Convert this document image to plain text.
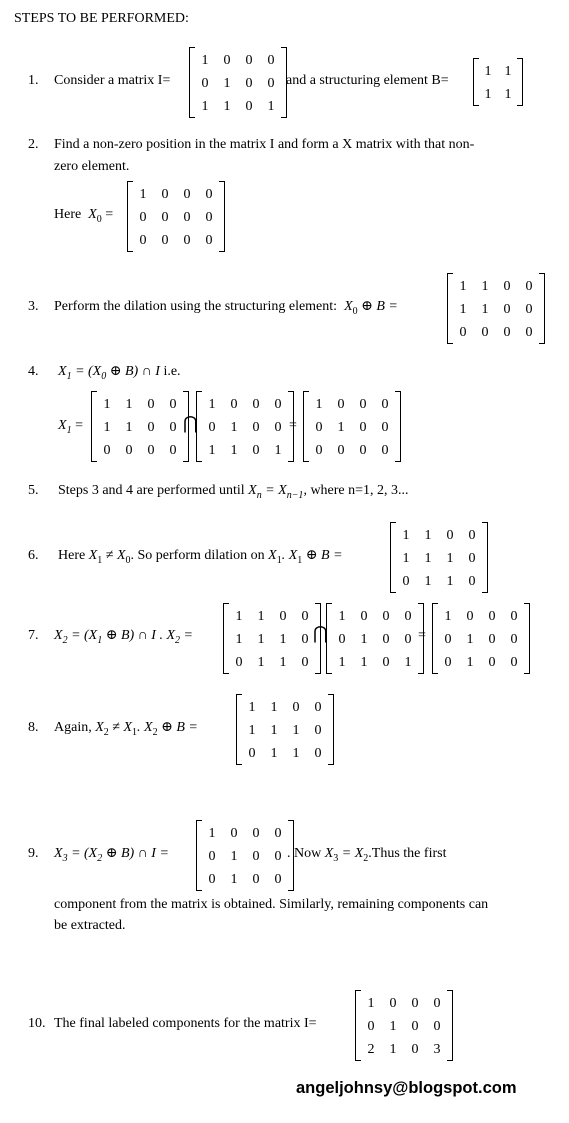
STEPS TO BE PERFORMED:
1. Consider a matrix I=
1	0	0	0
0	1	0	0
1	1	0	1
and a structuring element B=
1	1
1	1
2. Find a non-zero position in the matrix I and form a X matrix with that non-
zero element.
Here $X_0$ =
1	0	0	0
0	0	0	0
0	0	0	0
3. Perform the dilation using the structuring element: $X_0$ ⊕ B =
1	1	0	0
1	1	0	0
0	0	0	0
4. $X_1 = (X_0$ ⊕ B) ∩ I i.e.
$X_1$ =
1	1	0	0
1	1	0	0
0	0	0	0
⋂
1	0	0	0
0	1	0	0
1	1	0	1
=
1	0	0	0
0	1	0	0
0	0	0	0
5. Steps 3 and 4 are performed until $X_n = X_{n-1}$, where n=1, 2, 3...
6. Here $X_1 \ne X_0$. So perform dilation on $X_1$. $X_1$ ⊕ B =
1	1	0	0
1	1	1	0
0	1	1	0
7. $X_2 = (X_1$ ⊕ B) ∩ I . $X_2$ =
1	1	0	0
1	1	1	0
0	1	1	0
⋂
1	0	0	0
0	1	0	0
1	1	0	1
=
1	0	0	0
0	1	0	0
0	1	0	0
8. Again, $X_2 \ne X_1$. $X_2$ ⊕ B =
1	1	0	0
1	1	1	0
0	1	1	0
9. $X_3 = (X_2$ ⊕ B) ∩ I =
1	0	0	0
0	1	0	0
0	1	0	0
. Now $X_3$ = $X_2.Thus$ the first
component from the matrix is obtained. Similarly, remaining components can
be extracted.
10. The final labeled components for the matrix I=
1	0	0	0
0	1	0	0
2	1	0	3
angeljohnsy@blogspot.com
